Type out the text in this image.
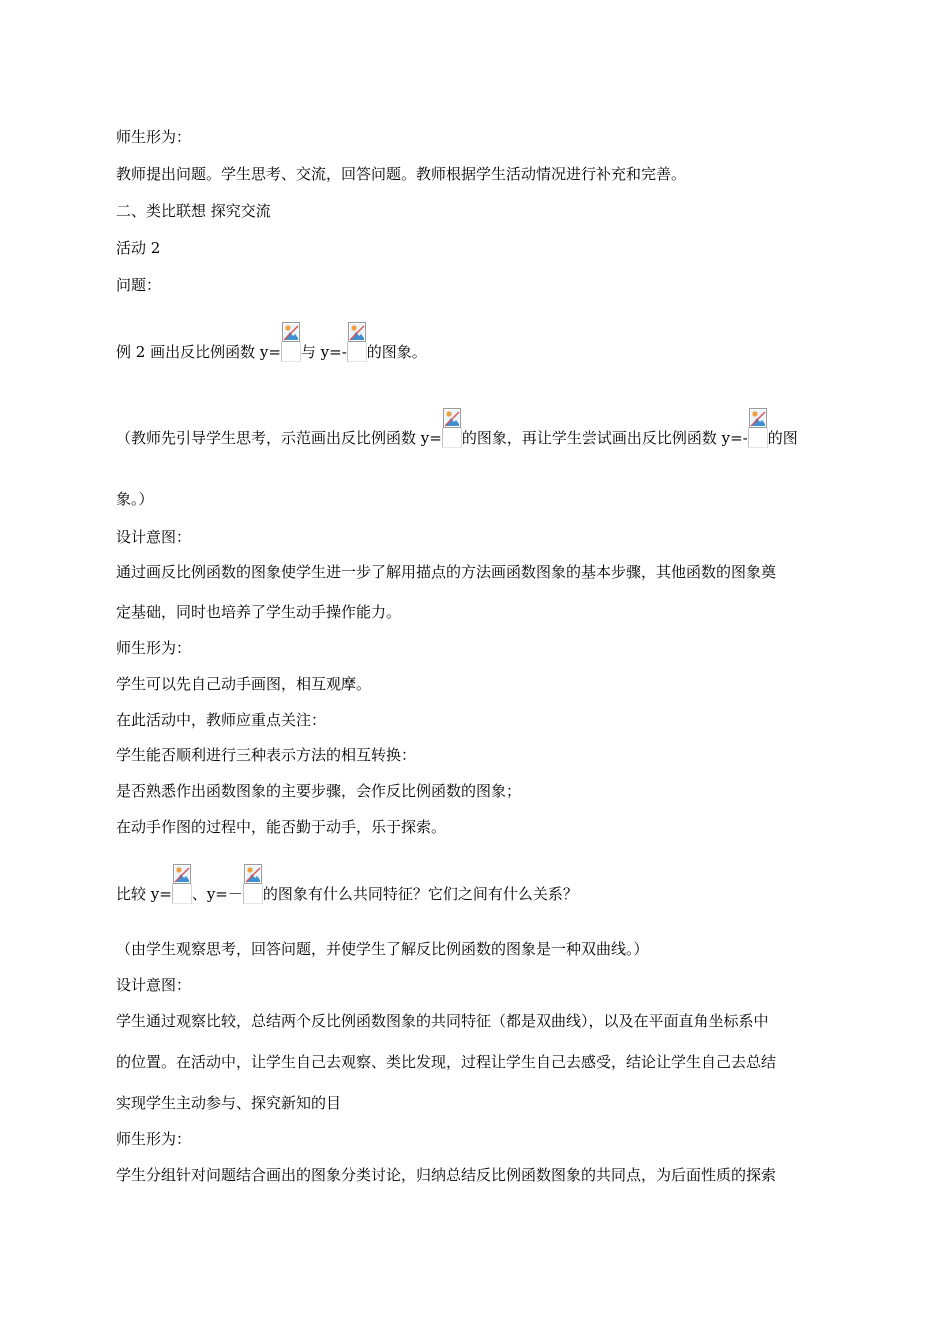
师生形为：
教师提出问题。学生思考、交流，回答问题。教师根据学生活动情况进行补充和完善。
二、类比联想 探究交流
活动 2
问题：
例 2 画出反比例函数 y= 与 y=- 的图象。
（教师先引导学生思考，示范画出反比例函数 y= 的图象，再让学生尝试画出反比例函数 y=- 的图
象。）
设计意图：
通过画反比例函数的图象使学生进一步了解用描点的方法画函数图象的基本步骤，其他函数的图象奠
定基础，同时也培养了学生动手操作能力。
师生形为：
学生可以先自己动手画图，相互观摩。
在此活动中，教师应重点关注：
学生能否顺利进行三种表示方法的相互转换：
是否熟悉作出函数图象的主要步骤，会作反比例函数的图象；
在动手作图的过程中，能否勤于动手，乐于探索。
比较 y= 、y=－ 的图象有什么共同特征？它们之间有什么关系？
（由学生观察思考，回答问题，并使学生了解反比例函数的图象是一种双曲线。）
设计意图：
学生通过观察比较，总结两个反比例函数图象的共同特征（都是双曲线），以及在平面直角坐标系中
的位置。在活动中，让学生自己去观察、类比发现，过程让学生自己去感受，结论让学生自己去总结
实现学生主动参与、探究新知的目
师生形为：
学生分组针对问题结合画出的图象分类讨论，归纳总结反比例函数图象的共同点，为后面性质的探索
